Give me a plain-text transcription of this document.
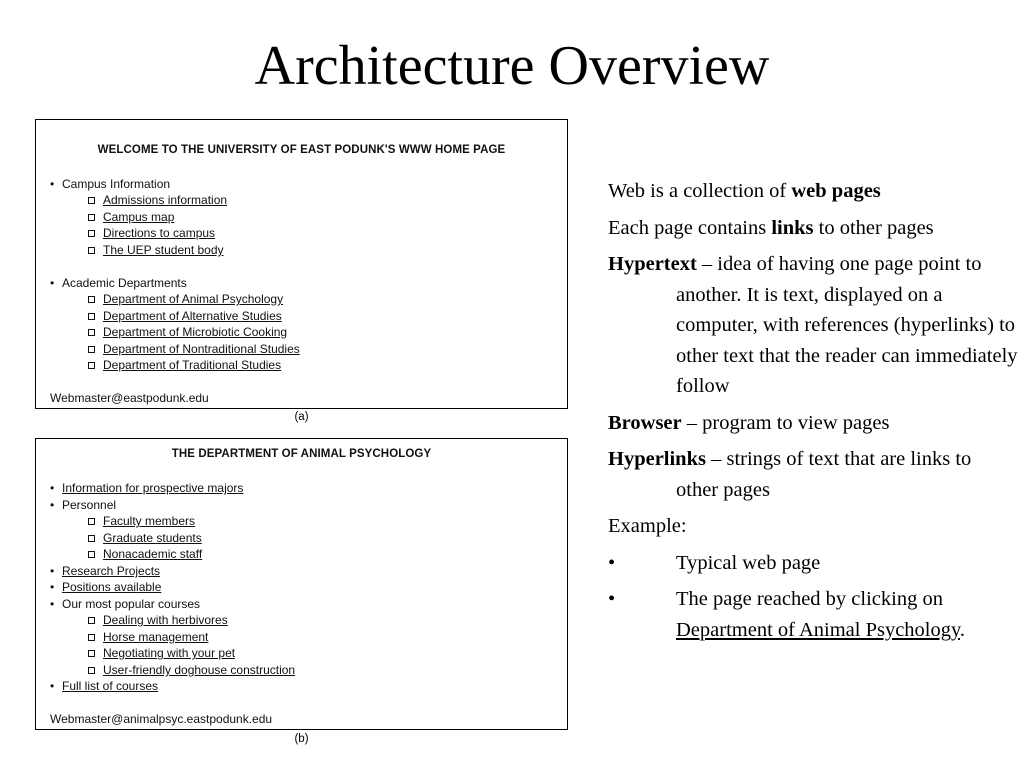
Architecture Overview
WELCOME TO THE UNIVERSITY OF EAST PODUNK'S WWW HOME PAGE
• Campus Information
Admissions information
Campus map
Directions to campus
The UEP student body
• Academic Departments
Department of Animal Psychology
Department of Alternative Studies
Department of Microbiotic Cooking
Department of Nontraditional Studies
Department of Traditional Studies
Webmaster@eastpodunk.edu
(a)
THE DEPARTMENT OF ANIMAL PSYCHOLOGY
• Information for prospective majors
• Personnel
Faculty members
Graduate students
Nonacademic staff
• Research Projects
• Positions available
• Our most popular courses
Dealing with herbivores
Horse management
Negotiating with your pet
User-friendly doghouse construction
• Full list of courses
Webmaster@animalpsyc.eastpodunk.edu
(b)

Web is a collection of web pages

Each page contains links to other pages

Hypertext – idea of having one page point to another. It is text, displayed on a computer, with references (hyperlinks) to other text that the reader can immediately follow

Browser – program to view pages

Hyperlinks – strings of text that are links to other pages

Example:

•	Typical web page
•	The page reached by clicking on Department of Animal Psychology.
